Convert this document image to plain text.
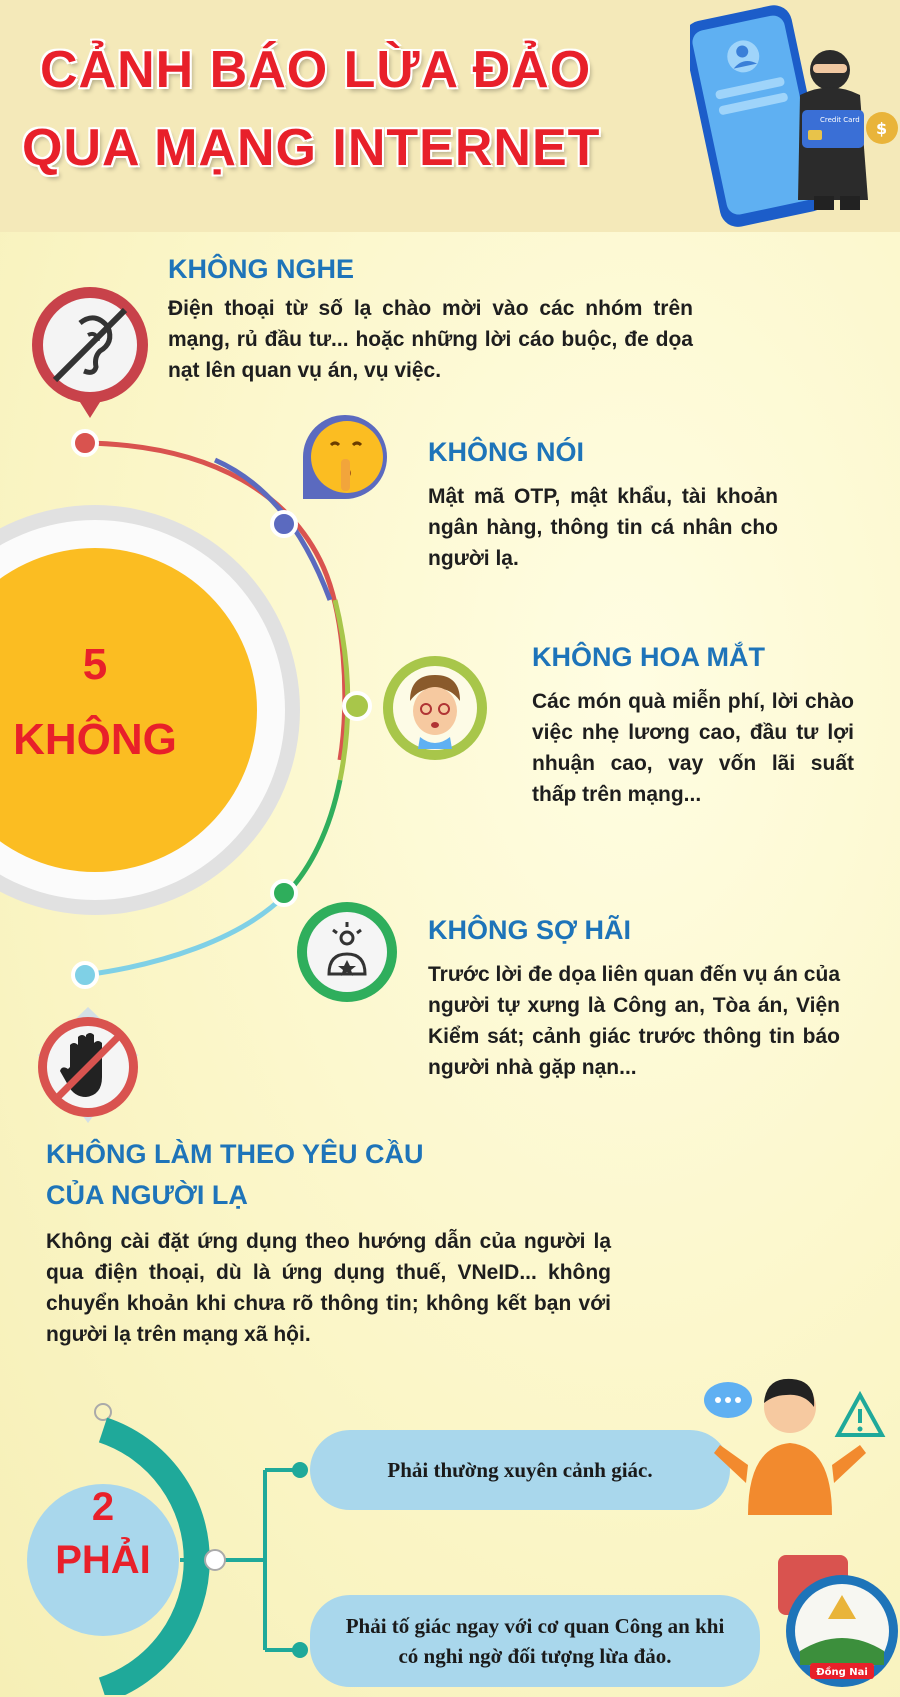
CẢNH BÁO LỪA ĐẢO
QUA MẠNG INTERNET	Credit Card $
5
KHÔNG
KHÔNG NGHE
Điện thoại từ số lạ chào mời vào các nhóm trên mạng, rủ đầu tư... hoặc những lời cáo buộc, đe dọa nạt lên quan vụ án, vụ việc.
KHÔNG NÓI
Mật mã OTP, mật khẩu, tài khoản ngân hàng, thông tin cá nhân cho người lạ.
KHÔNG HOA MẮT
Các món quà miễn phí, lời chào việc nhẹ lương cao, đầu tư lợi nhuận cao, vay vốn lãi suất thấp trên mạng...
KHÔNG SỢ HÃI
Trước lời đe dọa liên quan đến vụ án của người tự xưng là Công an, Tòa án, Viện Kiểm sát; cảnh giác trước thông tin báo người nhà gặp nạn...
KHÔNG LÀM THEO YÊU CẦU
CỦA NGƯỜI LẠ
Không cài đặt ứng dụng theo hướng dẫn của người lạ qua điện thoại, dù là ứng dụng thuế, VNeID... không chuyển khoản khi chưa rõ thông tin; không kết bạn với người lạ trên mạng xã hội.
2
PHẢI
Phải thường xuyên cảnh giác.
Phải tố giác ngay với cơ quan Công an khi có nghi ngờ đối tượng lừa đảo.
Đồng Nai
